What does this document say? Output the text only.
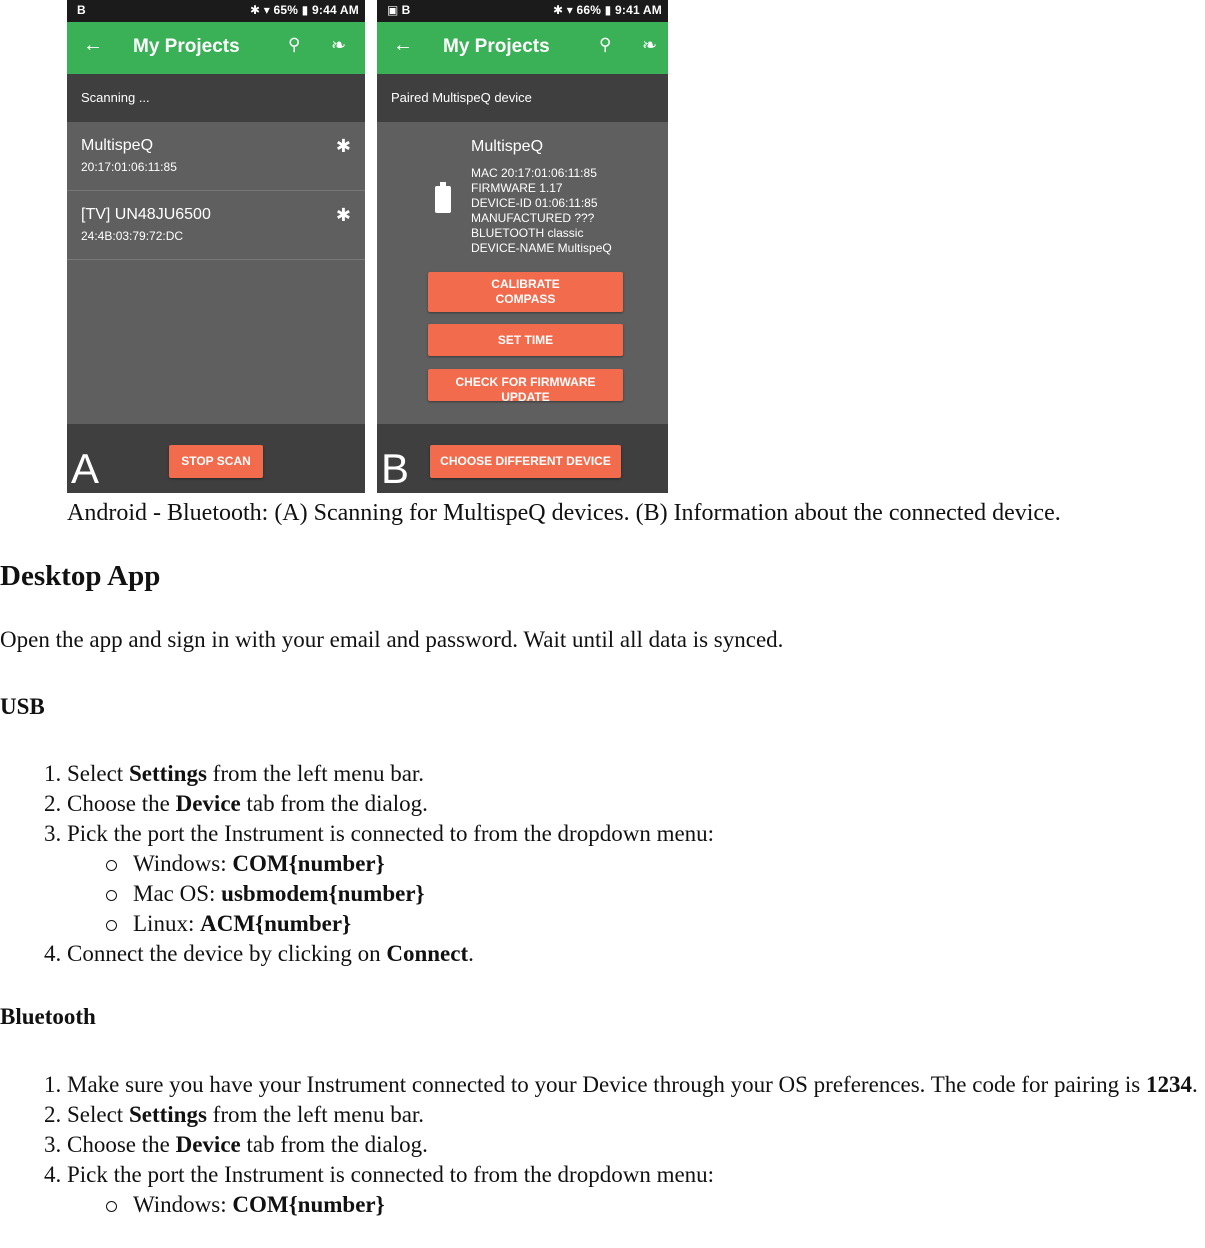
B	✱ ▾ 65% ▮ 9:44 AM
← My Projects	⚲ ❧
Scanning ...
MultispeQ
20:17:01:06:11:85
✱
[TV] UN48JU6500
24:4B:03:79:72:DC
✱
STOP SCAN
A
▣ B	✱ ▾ 66% ▮ 9:41 AM
← My Projects	⚲ ❧
Paired MultispeQ device
MultispeQ
MAC 20:17:01:06:11:85
FIRMWARE 1.17
DEVICE-ID 01:06:11:85
MANUFACTURED ???
BLUETOOTH classic
DEVICE-NAME MultispeQ
CALIBRATE
COMPASS
SET TIME
CHECK FOR FIRMWARE
UPDATE
CHOOSE DIFFERENT DEVICE
B
Android - Bluetooth: (A) Scanning for MultispeQ devices. (B) Information about the connected device.
Desktop App
Open the app and sign in with your email and password. Wait until all data is synced.
USB
1. Select Settings from the left menu bar.
2. Choose the Device tab from the dialog.
3. Pick the port the Instrument is connected to from the dropdown menu:
Windows: COM{number}
Mac OS: usbmodem{number}
Linux: ACM{number}
4. Connect the device by clicking on Connect.
Bluetooth
1. Make sure you have your Instrument connected to your Device through your OS preferences. The code for pairing is 1234.
2. Select Settings from the left menu bar.
3. Choose the Device tab from the dialog.
4. Pick the port the Instrument is connected to from the dropdown menu:
Windows: COM{number}
